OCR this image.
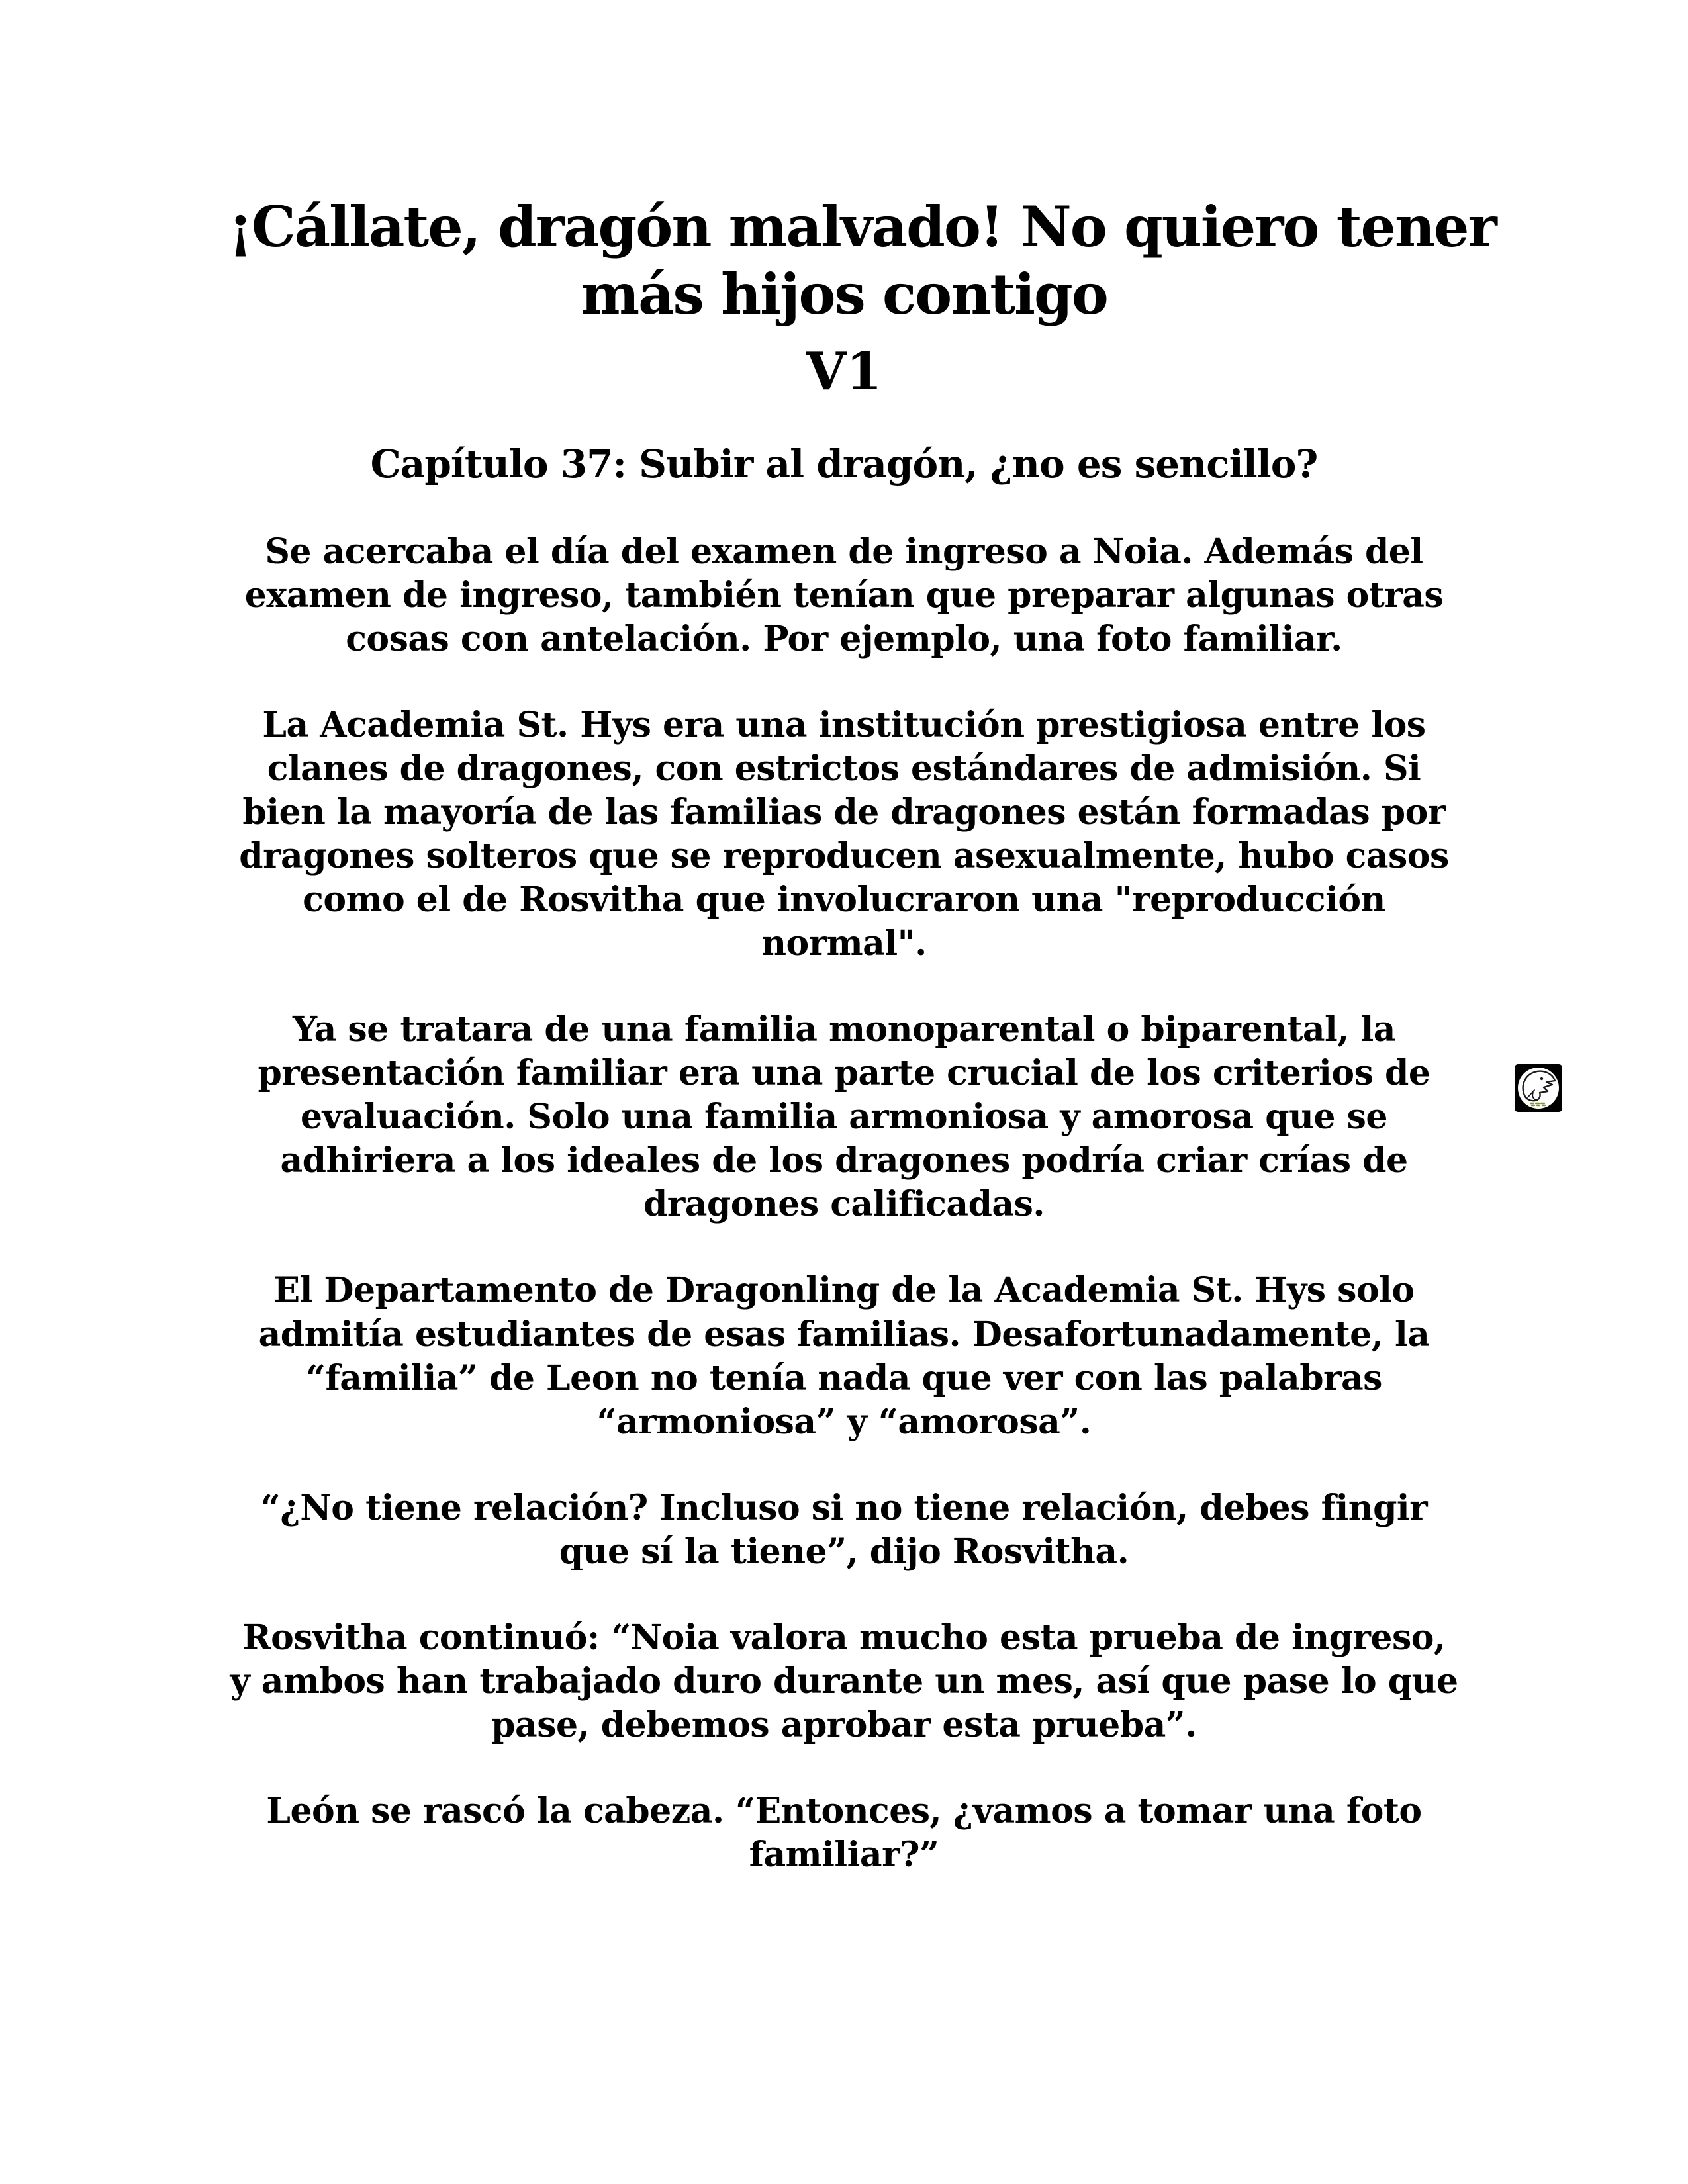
¡Cállate, dragón malvado! No quiero tener
más hijos contigo
V1
Capítulo 37: Subir al dragón, ¿no es sencillo?

Se acercaba el día del examen de ingreso a Noia. Además del examen de ingreso, también tenían que preparar algunas otras cosas con antelación. Por ejemplo, una foto familiar.

La Academia St. Hys era una institución prestigiosa entre los clanes de dragones, con estrictos estándares de admisión. Si bien la mayoría de las familias de dragones están formadas por dragones solteros que se reproducen asexualmente, hubo casos como el de Rosvitha que involucraron una "reproducción normal".

Ya se tratara de una familia monoparental o biparental, la presentación familiar era una parte crucial de los criterios de evaluación. Solo una familia armoniosa y amorosa que se adhiriera a los ideales de los dragones podría criar crías de dragones calificadas.

El Departamento de Dragonling de la Academia St. Hys solo admitía estudiantes de esas familias. Desafortunadamente, la “familia” de Leon no tenía nada que ver con las palabras “armoniosa” y “amorosa”.

“¿No tiene relación? Incluso si no tiene relación, debes fingir que sí la tiene”, dijo Rosvitha.

Rosvitha continuó: “Noia valora mucho esta prueba de ingreso, y ambos han trabajado duro durante un mes, así que pase lo que pase, debemos aprobar esta prueba”.

León se rascó la cabeza. “Entonces, ¿vamos a tomar una foto familiar?”
